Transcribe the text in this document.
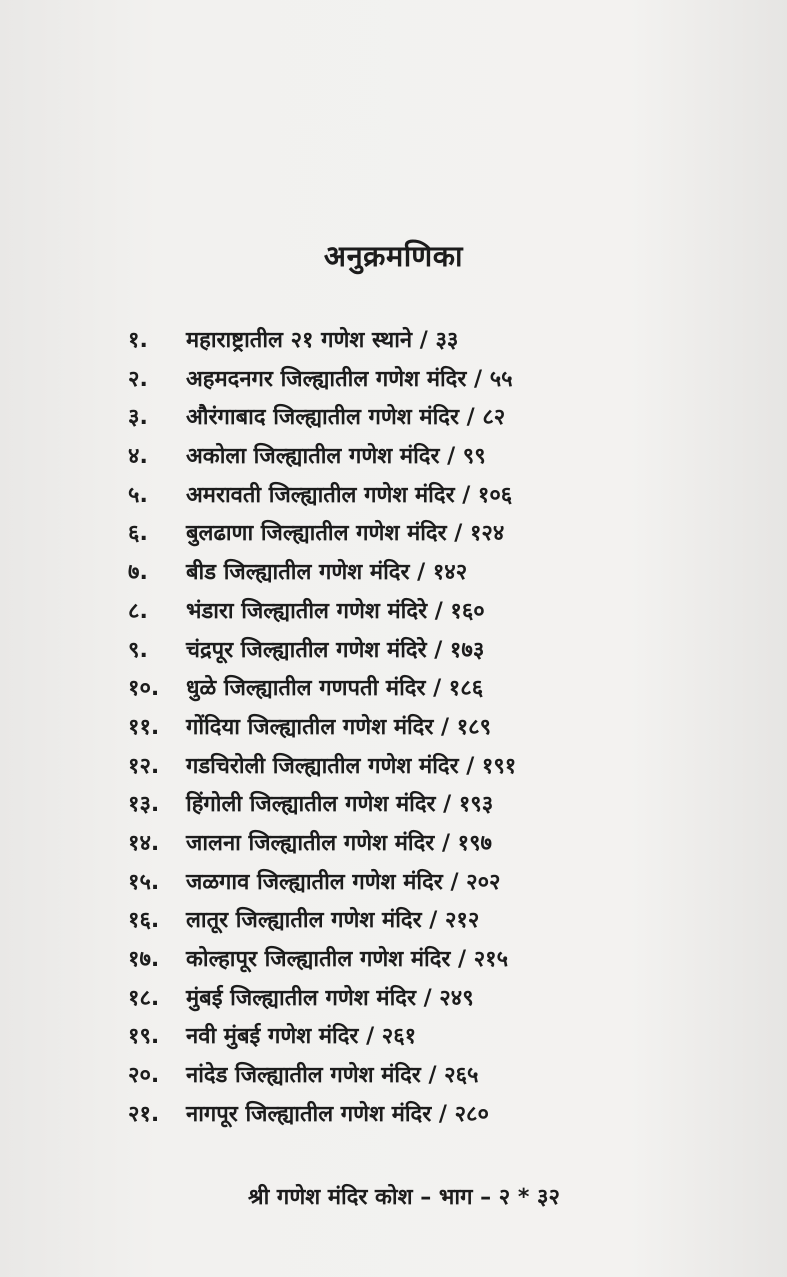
अनुक्रमणिका
१.	महाराष्ट्रातील २१ गणेश स्थाने / ३३
२.	अहमदनगर जिल्ह्यातील गणेश मंदिर / ५५
३.	औरंगाबाद जिल्ह्यातील गणेश मंदिर / ८२
४.	अकोला जिल्ह्यातील गणेश मंदिर / ९९
५.	अमरावती जिल्ह्यातील गणेश मंदिर / १०६
६.	बुलढाणा जिल्ह्यातील गणेश मंदिर / १२४
७.	बीड जिल्ह्यातील गणेश मंदिर / १४२
८.	भंडारा जिल्ह्यातील गणेश मंदिरे / १६०
९.	चंद्रपूर जिल्ह्यातील गणेश मंदिरे / १७३
१०.	धुळे जिल्ह्यातील गणपती मंदिर / १८६
११.	गोंदिया जिल्ह्यातील गणेश मंदिर / १८९
१२.	गडचिरोली जिल्ह्यातील गणेश मंदिर / १९१
१३.	हिंगोली जिल्ह्यातील गणेश मंदिर / १९३
१४.	जालना जिल्ह्यातील गणेश मंदिर / १९७
१५.	जळगाव जिल्ह्यातील गणेश मंदिर / २०२
१६.	लातूर जिल्ह्यातील गणेश मंदिर / २१२
१७.	कोल्हापूर जिल्ह्यातील गणेश मंदिर / २१५
१८.	मुंबई जिल्ह्यातील गणेश मंदिर / २४९
१९.	नवी मुंबई गणेश मंदिर / २६१
२०.	नांदेड जिल्ह्यातील गणेश मंदिर / २६५
२१.	नागपूर जिल्ह्यातील गणेश मंदिर / २८०
श्री गणेश मंदिर कोश – भाग – २ * ३२
